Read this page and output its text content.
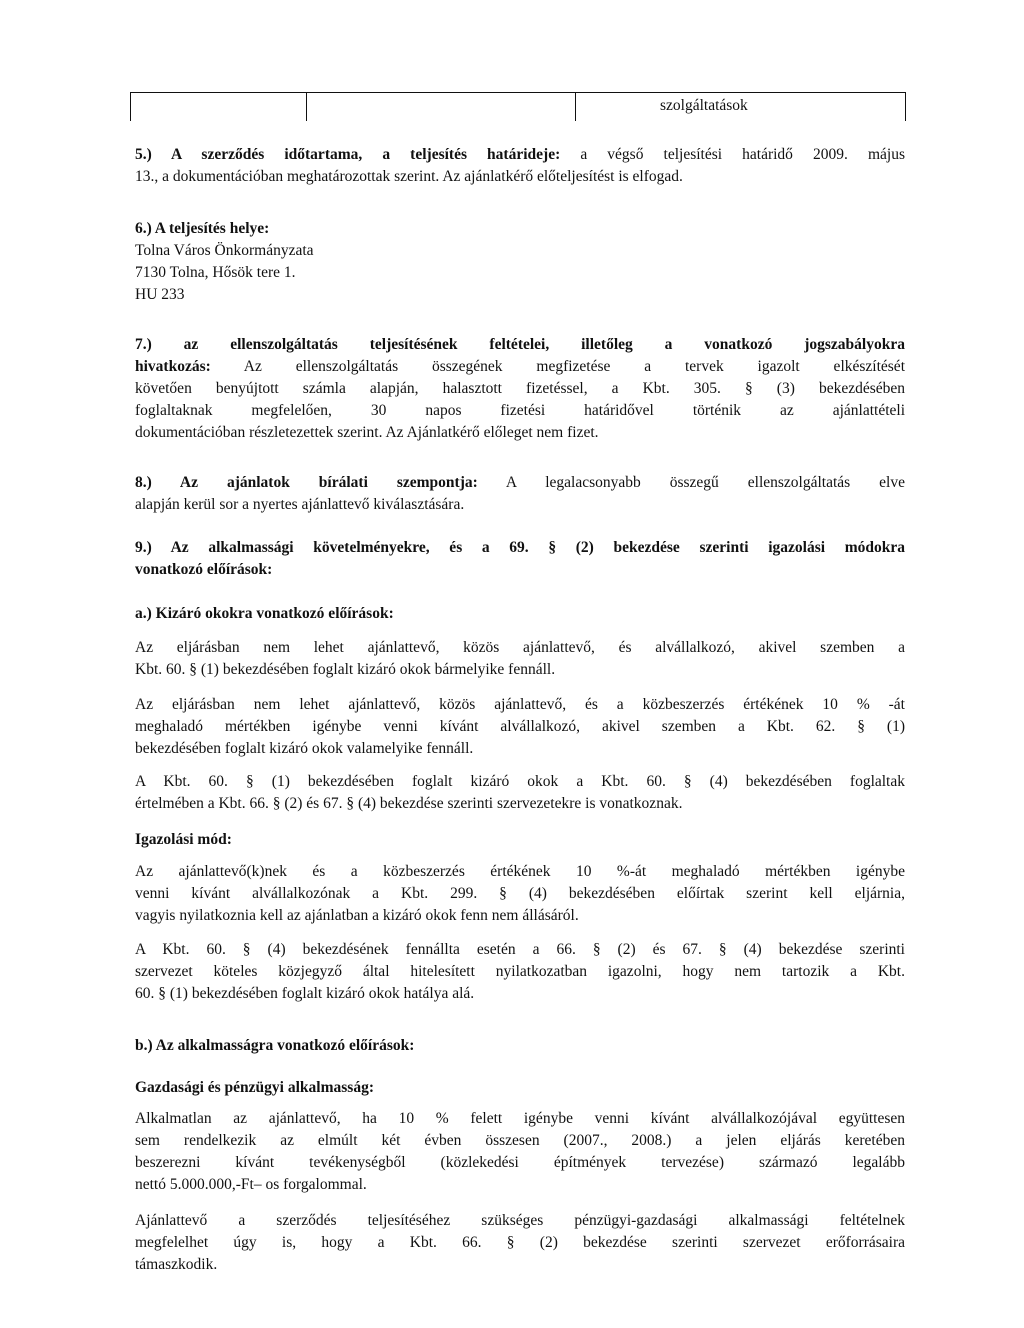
szolgáltatások
5.) A szerződés időtartama, a teljesítés határideje: a végső teljesítési határidő 2009. május
13., a dokumentációban meghatározottak szerint. Az ajánlatkérő előteljesítést is elfogad.
6.) A teljesítés helye:
Tolna Város Önkormányzata
7130 Tolna, Hősök tere 1.
HU 233
7.) az ellenszolgáltatás teljesítésének feltételei, illetőleg a vonatkozó jogszabályokra
hivatkozás: Az ellenszolgáltatás összegének megfizetése a tervek igazolt elkészítését
követően benyújtott számla alapján, halasztott fizetéssel, a Kbt. 305. § (3) bekezdésében
foglaltaknak megfelelően, 30 napos fizetési határidővel történik az ajánlattételi
dokumentációban részletezettek szerint. Az Ajánlatkérő előleget nem fizet.
8.) Az ajánlatok bírálati szempontja: A legalacsonyabb összegű ellenszolgáltatás elve
alapján kerül sor a nyertes ajánlattevő kiválasztására.
9.) Az alkalmassági követelményekre, és a 69. § (2) bekezdése szerinti igazolási módokra
vonatkozó előírások:
a.) Kizáró okokra vonatkozó előírások:
Az eljárásban nem lehet ajánlattevő, közös ajánlattevő, és alvállalkozó, akivel szemben a
Kbt. 60. § (1) bekezdésében foglalt kizáró okok bármelyike fennáll.
Az eljárásban nem lehet ajánlattevő, közös ajánlattevő, és a közbeszerzés értékének 10 % -át
meghaladó mértékben igénybe venni kívánt alvállalkozó, akivel szemben a Kbt. 62. § (1)
bekezdésében foglalt kizáró okok valamelyike fennáll.
A Kbt. 60. § (1) bekezdésében foglalt kizáró okok a Kbt. 60. § (4) bekezdésében foglaltak
értelmében a Kbt. 66. § (2) és 67. § (4) bekezdése szerinti szervezetekre is vonatkoznak.
Igazolási mód:
Az ajánlattevő(k)nek és a közbeszerzés értékének 10 %-át meghaladó mértékben igénybe
venni kívánt alvállalkozónak a Kbt. 299. § (4) bekezdésében előírtak szerint kell eljárnia,
vagyis nyilatkoznia kell az ajánlatban a kizáró okok fenn nem állásáról.
A Kbt. 60. § (4) bekezdésének fennállta esetén a 66. § (2) és 67. § (4) bekezdése szerinti
szervezet köteles közjegyző által hitelesített nyilatkozatban igazolni, hogy nem tartozik a Kbt.
60. § (1) bekezdésében foglalt kizáró okok hatálya alá.
b.) Az alkalmasságra vonatkozó előírások:
Gazdasági és pénzügyi alkalmasság:
Alkalmatlan az ajánlattevő, ha 10 % felett igénybe venni kívánt alvállalkozójával együttesen
sem rendelkezik az elmúlt két évben összesen (2007., 2008.) a jelen eljárás keretében
beszerezni kívánt tevékenységből (közlekedési építmények tervezése) származó legalább
nettó 5.000.000,-Ft– os forgalommal.
Ajánlattevő a szerződés teljesítéséhez szükséges pénzügyi-gazdasági alkalmassági feltételnek
megfelelhet úgy is, hogy a Kbt. 66. § (2) bekezdése szerinti szervezet erőforrásaira
támaszkodik.
